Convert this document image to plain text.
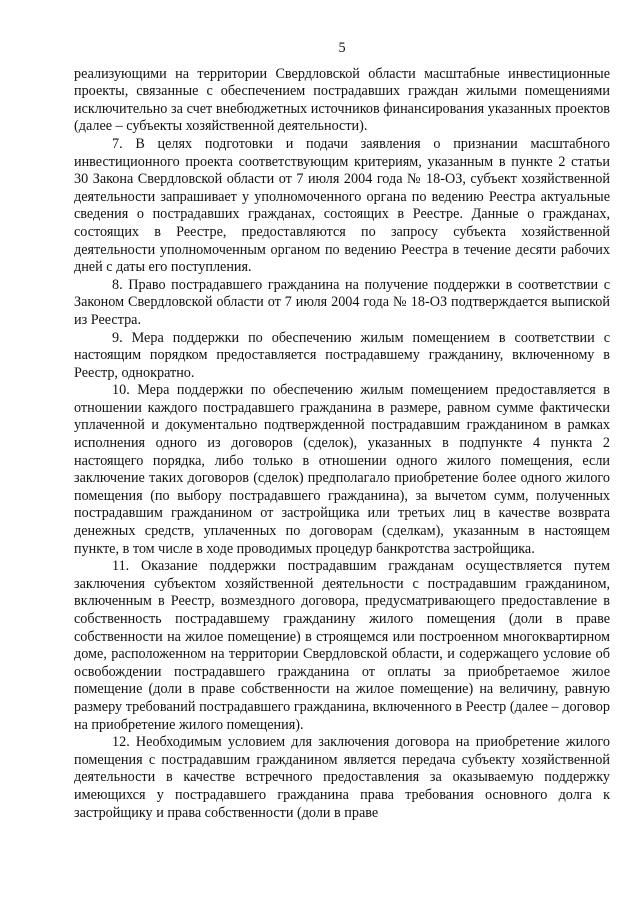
5

реализующими на территории Свердловской области масштабные инвестиционные проекты, связанные с обеспечением пострадавших граждан жилыми помещениями исключительно за счет внебюджетных источников финансирования указанных проектов (далее – субъекты хозяйственной деятельности).

7. В целях подготовки и подачи заявления о признании масштабного инвестиционного проекта соответствующим критериям, указанным в пункте 2 статьи 30 Закона Свердловской области от 7 июля 2004 года № 18-ОЗ, субъект хозяйственной деятельности запрашивает у уполномоченного органа по ведению Реестра актуальные сведения о пострадавших гражданах, состоящих в Реестре. Данные о гражданах, состоящих в Реестре, предоставляются по запросу субъекта хозяйственной деятельности уполномоченным органом по ведению Реестра в течение десяти рабочих дней с даты его поступления.

8. Право пострадавшего гражданина на получение поддержки в соответствии с Законом Свердловской области от 7 июля 2004 года № 18-ОЗ подтверждается выпиской из Реестра.

9. Мера поддержки по обеспечению жилым помещением в соответствии с настоящим порядком предоставляется пострадавшему гражданину, включенному в Реестр, однократно.

10. Мера поддержки по обеспечению жилым помещением предоставляется в отношении каждого пострадавшего гражданина в размере, равном сумме фактически уплаченной и документально подтвержденной пострадавшим гражданином в рамках исполнения одного из договоров (сделок), указанных в подпункте 4 пункта 2 настоящего порядка, либо только в отношении одного жилого помещения, если заключение таких договоров (сделок) предполагало приобретение более одного жилого помещения (по выбору пострадавшего гражданина), за вычетом сумм, полученных пострадавшим гражданином от застройщика или третьих лиц в качестве возврата денежных средств, уплаченных по договорам (сделкам), указанным в настоящем пункте, в том числе в ходе проводимых процедур банкротства застройщика.

11. Оказание поддержки пострадавшим гражданам осуществляется путем заключения субъектом хозяйственной деятельности с пострадавшим гражданином, включенным в Реестр, возмездного договора, предусматривающего предоставление в собственность пострадавшему гражданину жилого помещения (доли в праве собственности на жилое помещение) в строящемся или построенном многоквартирном доме, расположенном на территории Свердловской области, и содержащего условие об освобождении пострадавшего гражданина от оплаты за приобретаемое жилое помещение (доли в праве собственности на жилое помещение) на величину, равную размеру требований пострадавшего гражданина, включенного в Реестр (далее – договор на приобретение жилого помещения).

12. Необходимым условием для заключения договора на приобретение жилого помещения с пострадавшим гражданином является передача субъекту хозяйственной деятельности в качестве встречного предоставления за оказываемую поддержку имеющихся у пострадавшего гражданина права требования основного долга к застройщику и права собственности (доли в праве
